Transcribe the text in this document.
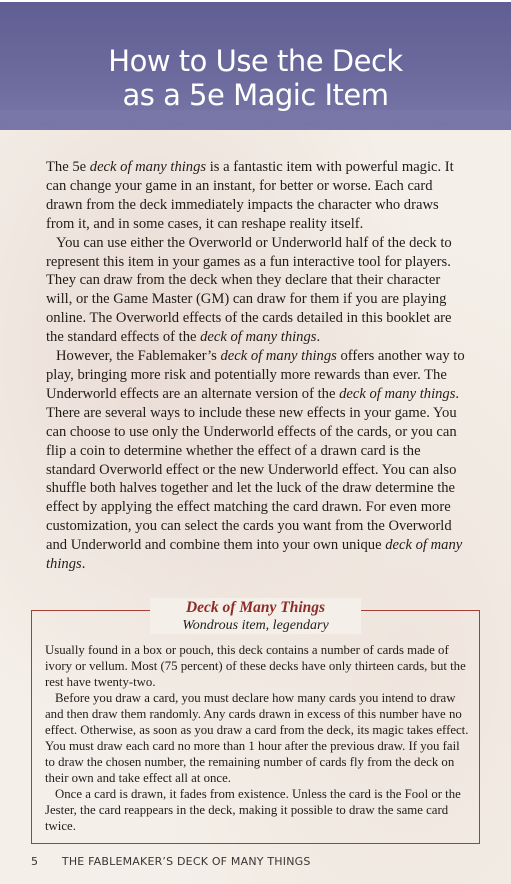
How to Use the Deck
as a 5e Magic Item

The 5e deck of many things is a fantastic item with powerful magic. It can change your game in an instant, for better or worse. Each card drawn from the deck immediately impacts the character who draws from it, and in some cases, it can reshape reality itself.

You can use either the Overworld or Underworld half of the deck to represent this item in your games as a fun interactive tool for players. They can draw from the deck when they declare that their character will, or the Game Master (GM) can draw for them if you are playing online. The Overworld effects of the cards detailed in this booklet are the standard effects of the deck of many things.

However, the Fablemaker’s deck of many things offers another way to play, bringing more risk and potentially more rewards than ever. The Underworld effects are an alternate version of the deck of many things. There are several ways to include these new effects in your game. You can choose to use only the Underworld effects of the cards, or you can flip a coin to determine whether the effect of a drawn card is the standard Overworld effect or the new Underworld effect. You can also shuffle both halves together and let the luck of the draw determine the effect by applying the effect matching the card drawn. For even more customization, you can select the cards you want from the Overworld and Underworld and combine them into your own unique deck of many things.

Deck of Many Things
Wondrous item, legendary

Usually found in a box or pouch, this deck contains a number of cards made of ivory or vellum. Most (75 percent) of these decks have only thirteen cards, but the rest have twenty-two.

Before you draw a card, you must declare how many cards you intend to draw and then draw them randomly. Any cards drawn in excess of this number have no effect. Otherwise, as soon as you draw a card from the deck, its magic takes effect. You must draw each card no more than 1 hour after the previous draw. If you fail to draw the chosen number, the remaining number of cards fly from the deck on their own and take effect all at once.

Once a card is drawn, it fades from existence. Unless the card is the Fool or the Jester, the card reappears in the deck, making it possible to draw the same card twice.

5 THE FABLEMAKER’S DECK OF MANY THINGS
